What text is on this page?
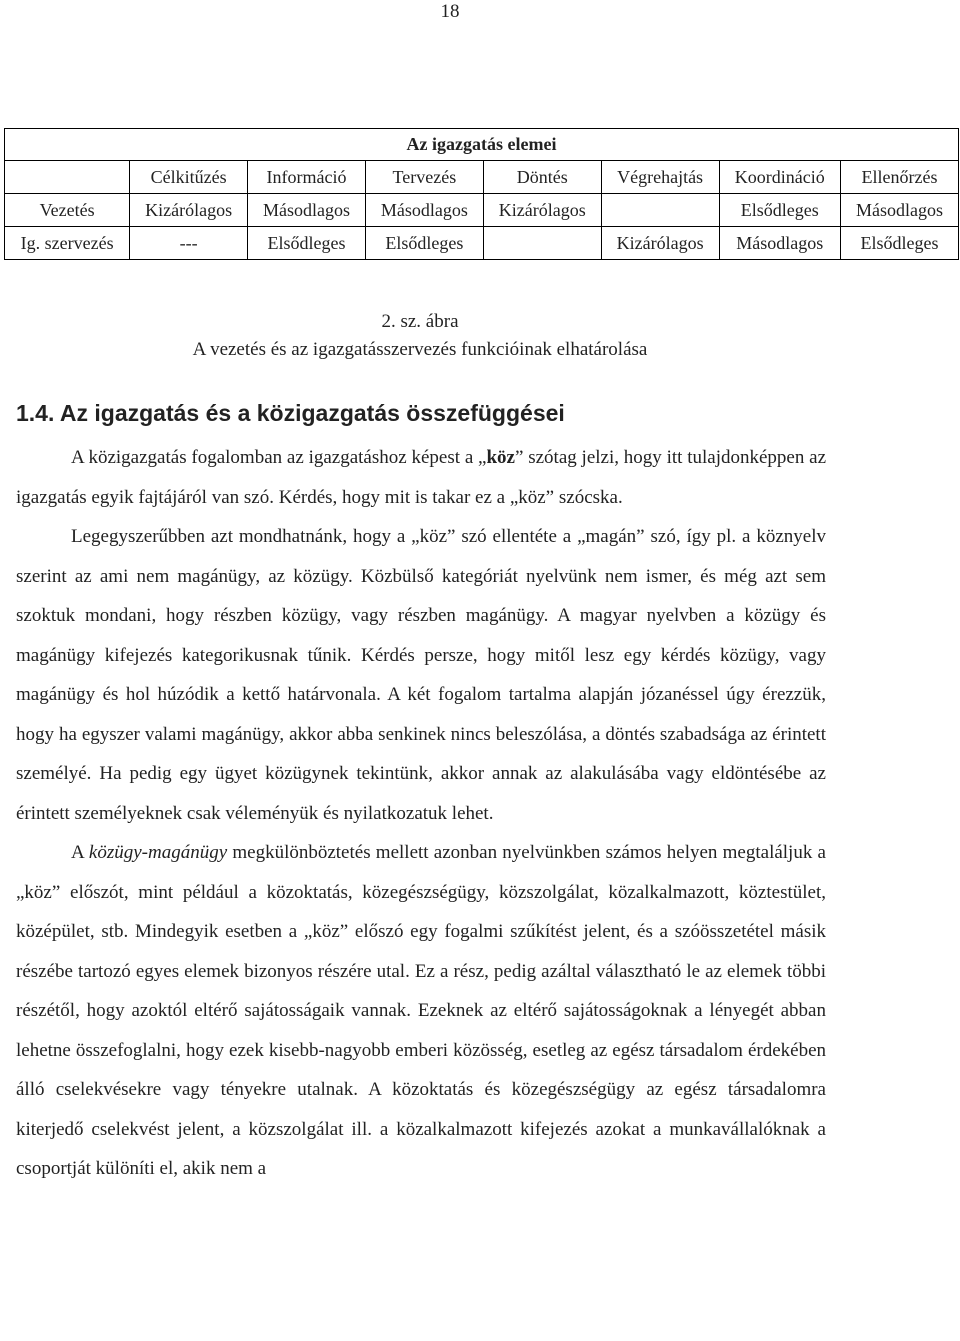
18
Az igazgatás elemei							
	Célkitűzés	Információ	Tervezés	Döntés	Végrehajtás	Koordináció	Ellenőrzés
Vezetés	Kizárólagos	Másodlagos	Másodlagos	Kizárólagos		Elsődleges	Másodlagos
Ig. szervezés	---	Elsődleges	Elsődleges		Kizárólagos	Másodlagos	Elsődleges
2. sz. ábra
A vezetés és az igazgatásszervezés funkcióinak elhatárolása
1.4. Az igazgatás és a közigazgatás összefüggései

A közigazgatás fogalomban az igazgatáshoz képest a „köz” szótag jelzi, hogy itt tulajdonképpen az igazgatás egyik fajtájáról van szó. Kérdés, hogy mit is takar ez a „köz” szócska.

Legegyszerűbben azt mondhatnánk, hogy a „köz” szó ellentéte a „magán” szó, így pl. a köznyelv szerint az ami nem magánügy, az közügy. Közbülső kategóriát nyelvünk nem ismer, és még azt sem szoktuk mondani, hogy részben közügy, vagy részben magánügy. A magyar nyelvben a közügy és magánügy kifejezés kategorikusnak tűnik. Kérdés persze, hogy mitől lesz egy kérdés közügy, vagy magánügy és hol húzódik a kettő határvonala. A két fogalom tartalma alapján józanéssel úgy érezzük, hogy ha egyszer valami magánügy, akkor abba senkinek nincs beleszólása, a döntés szabadsága az érintett személyé. Ha pedig egy ügyet közügynek tekintünk, akkor annak az alakulásába vagy eldöntésébe az érintett személyeknek csak véleményük és nyilatkozatuk lehet.

A közügy-magánügy megkülönböztetés mellett azonban nyelvünkben számos helyen megtaláljuk a „köz” előszót, mint például a közoktatás, közegészségügy, közszolgálat, közalkalmazott, köztestület, középület, stb. Mindegyik esetben a „köz” előszó egy fogalmi szűkítést jelent, és a szóösszetétel másik részébe tartozó egyes elemek bizonyos részére utal. Ez a rész, pedig azáltal választható le az elemek többi részétől, hogy azoktól eltérő sajátosságaik vannak. Ezeknek az eltérő sajátosságoknak a lényegét abban lehetne összefoglalni, hogy ezek kisebb-nagyobb emberi közösség, esetleg az egész társadalom érdekében álló cselekvésekre vagy tényekre utalnak. A közoktatás és közegészségügy az egész társadalomra kiterjedő cselekvést jelent, a közszolgálat ill. a közalkalmazott kifejezés azokat a munkavállalóknak a csoportját különíti el, akik nem a
